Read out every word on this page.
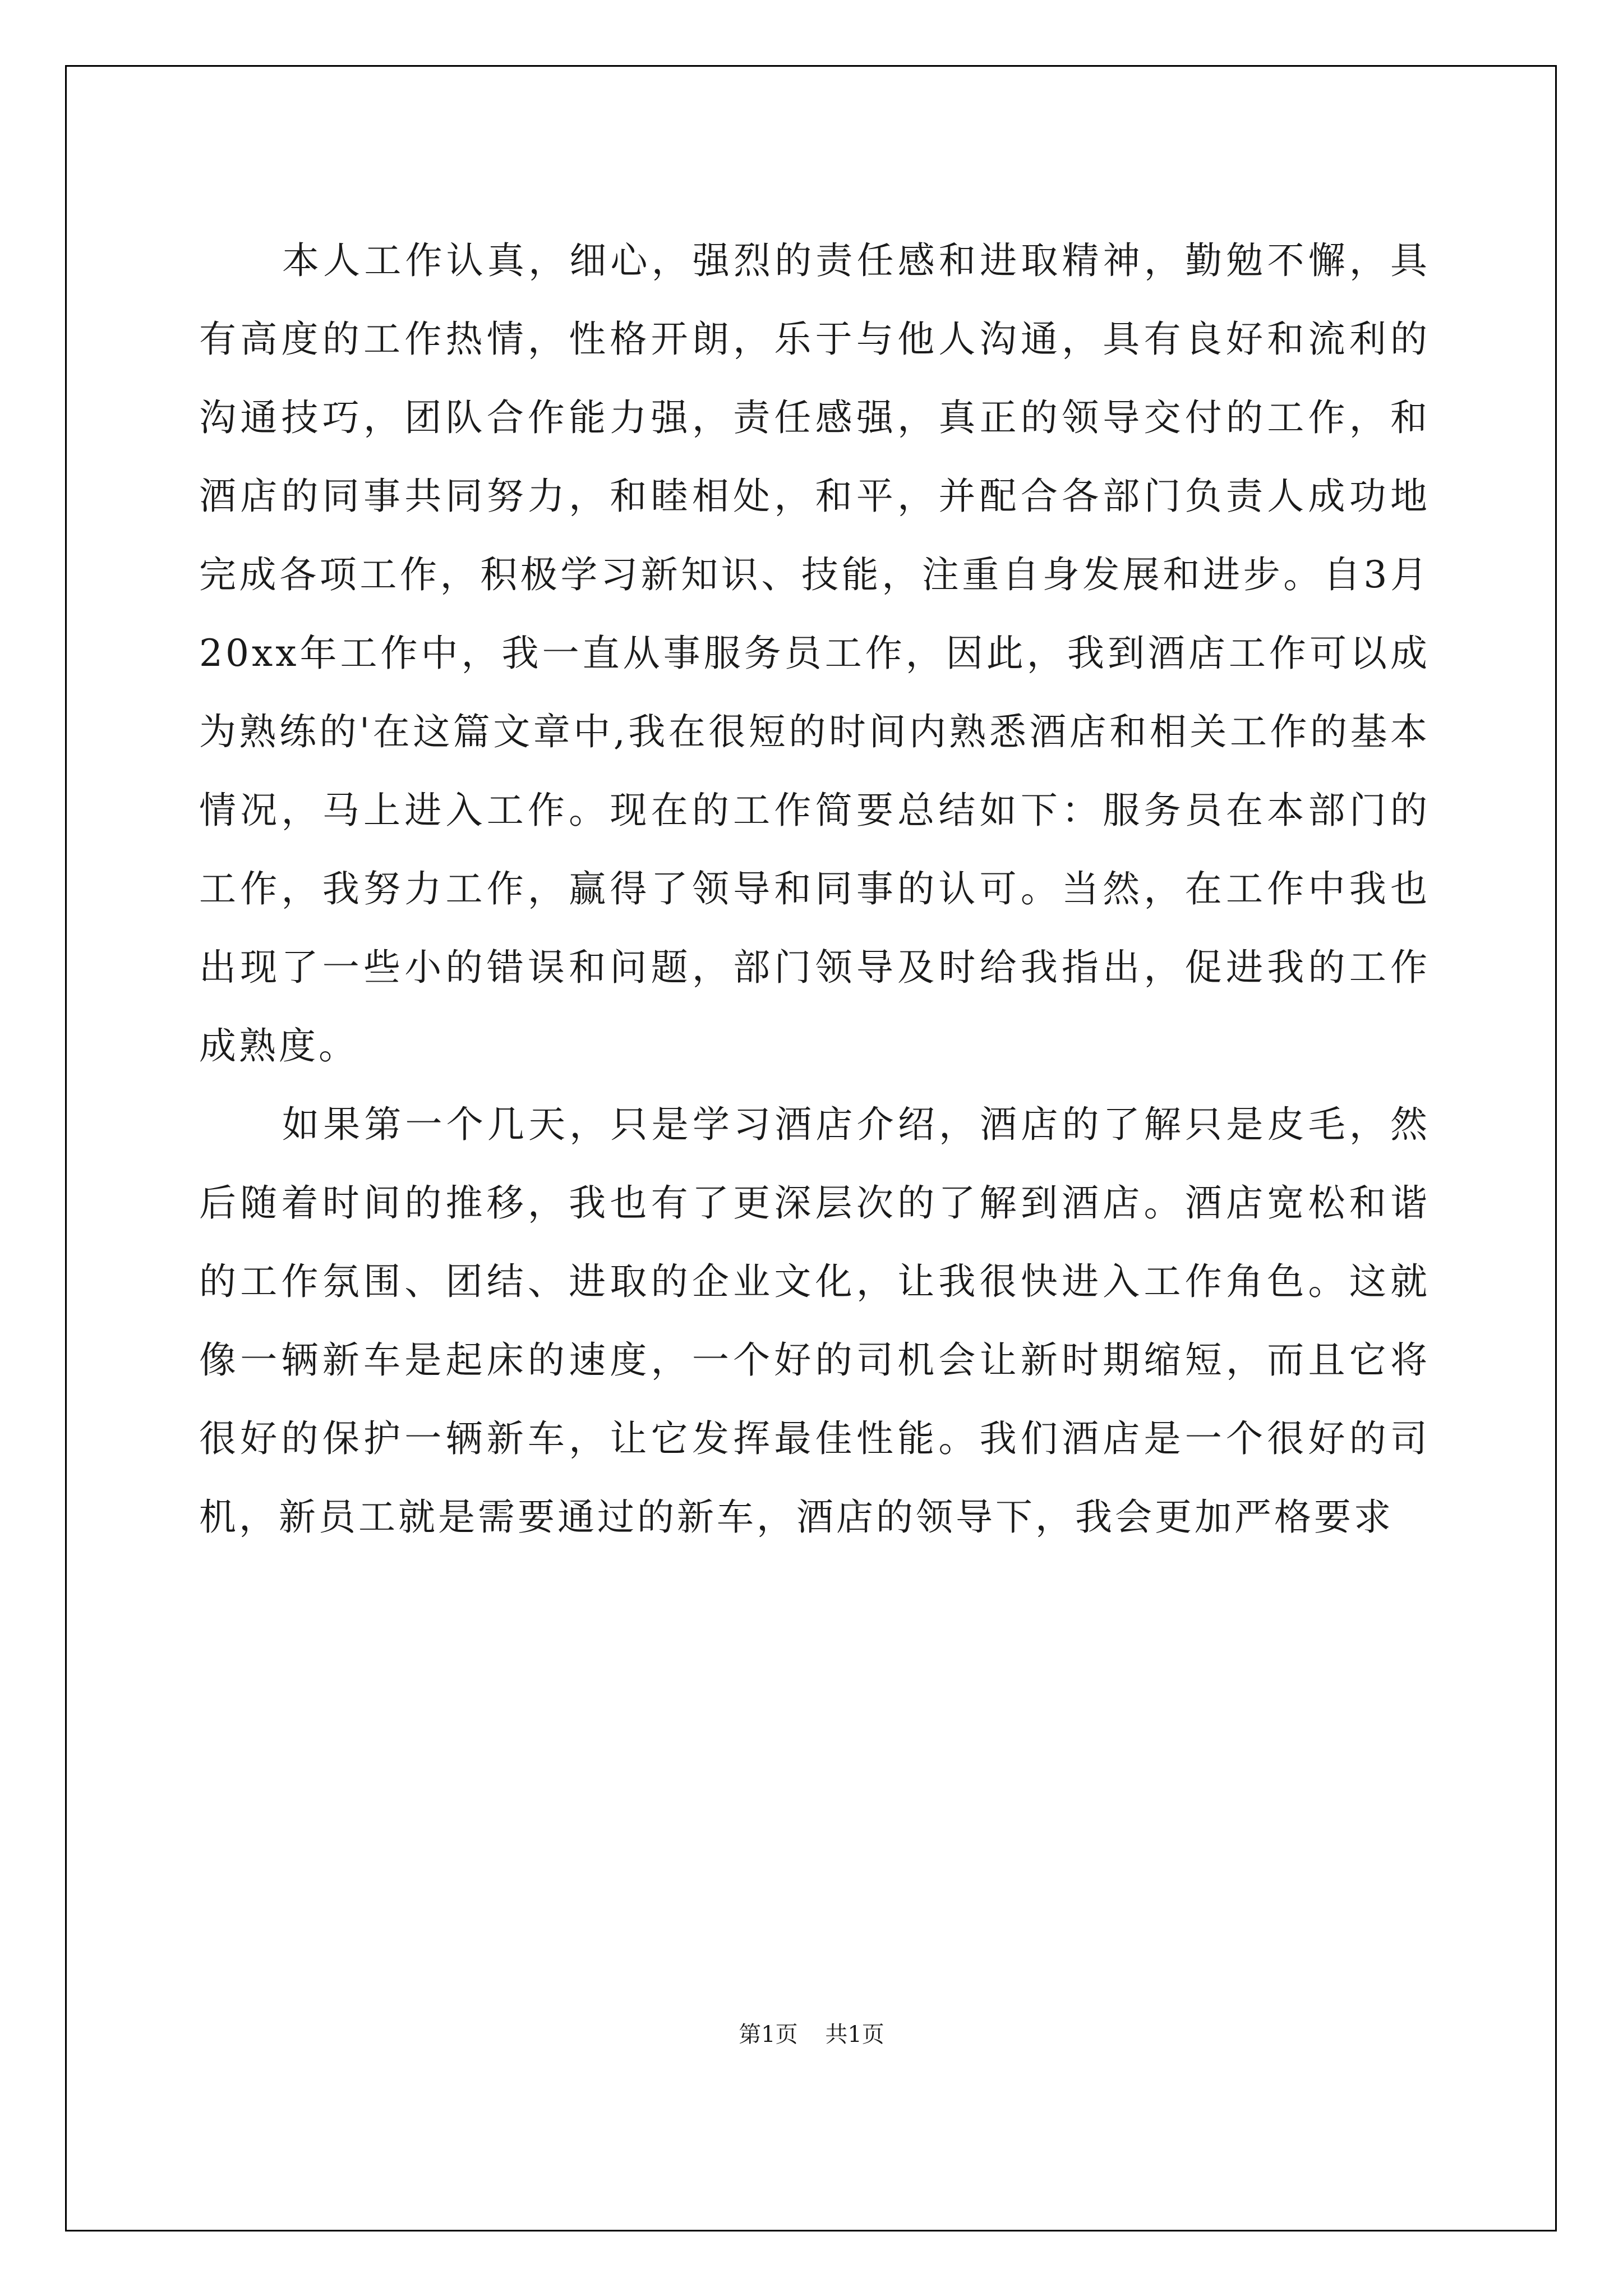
本人工作认真，细心，强烈的责任感和进取精神，勤勉不懈，具有高度的工作热情，性格开朗，乐于与他人沟通，具有良好和流利的沟通技巧，团队合作能力强，责任感强，真正的领导交付的工作，和酒店的同事共同努力，和睦相处，和平，并配合各部门负责人成功地完成各项工作，积极学习新知识、技能，注重自身发展和进步。自3月20xx年工作中，我一直从事服务员工作，因此，我到酒店工作可以成为熟练的'在这篇文章中,我在很短的时间内熟悉酒店和相关工作的基本情况，马上进入工作。现在的工作简要总结如下：服务员在本部门的工作，我努力工作，赢得了领导和同事的认可。当然，在工作中我也出现了一些小的错误和问题，部门领导及时给我指出，促进我的工作成熟度。

如果第一个几天，只是学习酒店介绍，酒店的了解只是皮毛，然后随着时间的推移，我也有了更深层次的了解到酒店。酒店宽松和谐的工作氛围、团结、进取的企业文化，让我很快进入工作角色。这就像一辆新车是起床的速度，一个好的司机会让新时期缩短，而且它将很好的保护一辆新车，让它发挥最佳性能。我们酒店是一个很好的司机，新员工就是需要通过的新车，酒店的领导下，我会更加严格要求

第1页 共1页
